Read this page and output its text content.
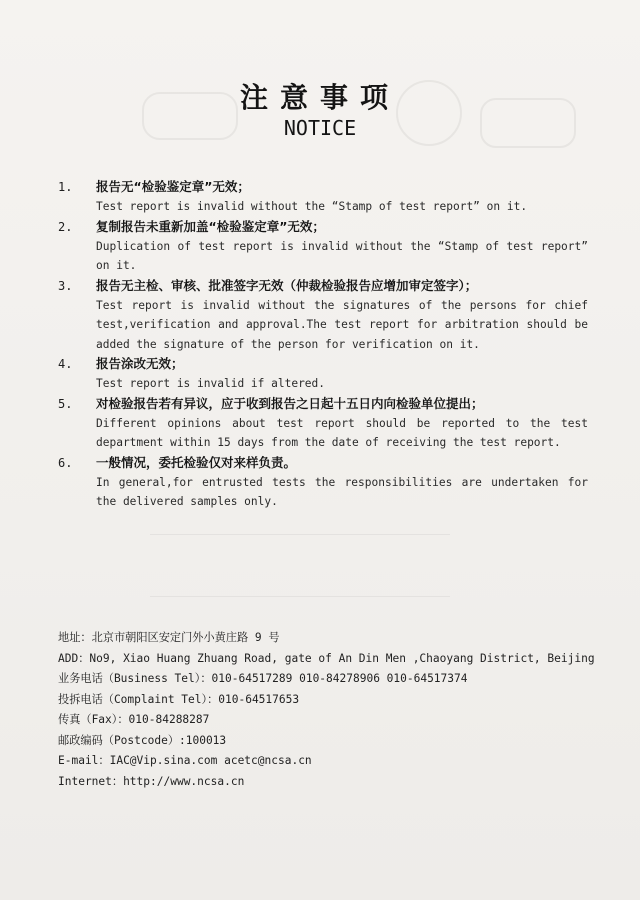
注意事项
NOTICE
1.	报告无“检验鉴定章”无效；
Test report is invalid without the “Stamp of test report” on it.
2.	复制报告未重新加盖“检验鉴定章”无效；
Duplication of test report is invalid without the “Stamp of test report” on it.
3.	报告无主检、审核、批准签字无效（仲裁检验报告应增加审定签字）；
Test report is invalid without the signatures of the persons for chief test,verification and approval.The test report for arbitration should be added the signature of the person for verification on it.
4.	报告涂改无效；
Test report is invalid if altered.
5.	对检验报告若有异议，应于收到报告之日起十五日内向检验单位提出；
Different opinions about test report should be reported to the test department within 15 days from the date of receiving the test report.
6.	一般情况，委托检验仅对来样负责。
In general,for entrusted tests the responsibilities are undertaken for the delivered samples only.
地址：北京市朝阳区安定门外小黄庄路 9 号
ADD：No9, Xiao Huang Zhuang Road, gate of An Din Men ,Chaoyang District, Beijing
业务电话（Business Tel）：010-64517289 010-84278906 010-64517374
投拆电话（Complaint Tel）：010-64517653
传真（Fax）：010-84288287
邮政编码（Postcode）:100013
E-mail：IAC@Vip.sina.com acetc@ncsa.cn
Internet：http://www.ncsa.cn
